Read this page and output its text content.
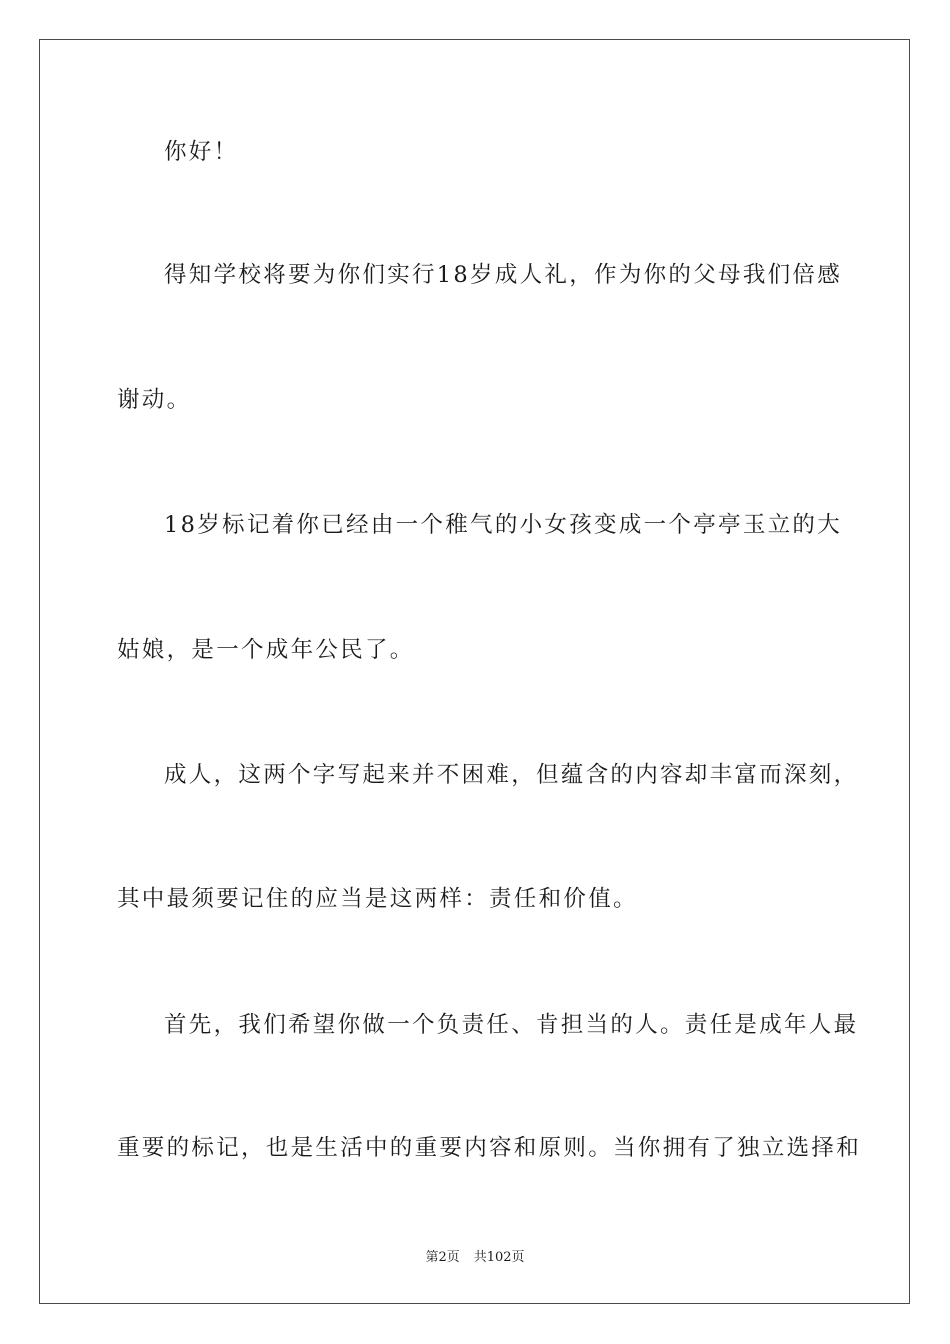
你好！
得知学校将要为你们实行18岁成人礼，作为你的父母我们倍感
谢动。
18岁标记着你已经由一个稚气的小女孩变成一个亭亭玉立的大
姑娘，是一个成年公民了。
成人，这两个字写起来并不困难，但蕴含的内容却丰富而深刻，
其中最须要记住的应当是这两样：责任和价值。
首先，我们希望你做一个负责任、肯担当的人。责任是成年人最
重要的标记，也是生活中的重要内容和原则。当你拥有了独立选择和
第2页 共102页
